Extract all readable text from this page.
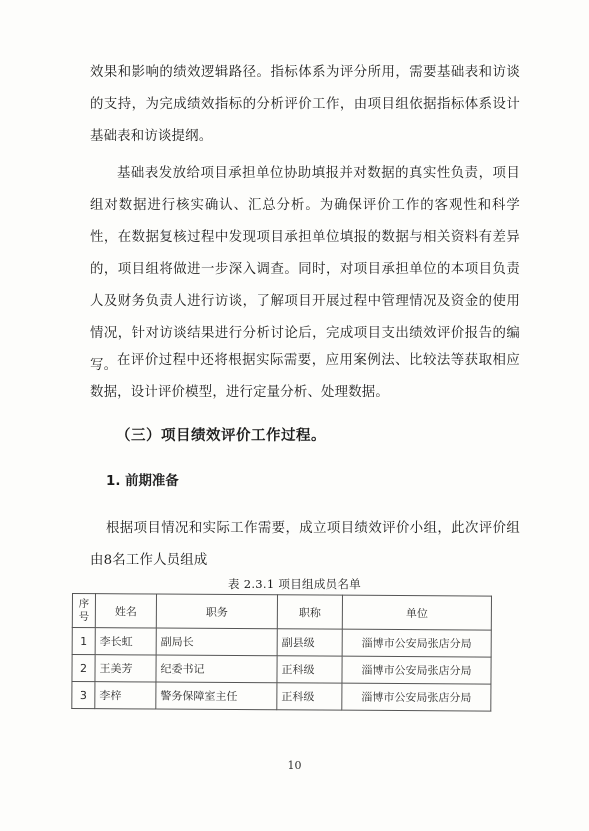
效果和影响的绩效逻辑路径。指标体系为评分所用，需要基础表和访谈的支持，为完成绩效指标的分析评价工作，由项目组依据指标体系设计基础表和访谈提纲。

基础表发放给项目承担单位协助填报并对数据的真实性负责，项目组对数据进行核实确认、汇总分析。为确保评价工作的客观性和科学性，在数据复核过程中发现项目承担单位填报的数据与相关资料有差异的，项目组将做进一步深入调查。同时，对项目承担单位的本项目负责人及财务负责人进行访谈，了解项目开展过程中管理情况及资金的使用情况，针对访谈结果进行分析讨论后，完成项目支出绩效评价报告的编写。 在评价过程中还将根据实际需要，应用案例法、比较法等获取相应数据，设计评价模型，进行定量分析、处理数据。

（三）项目绩效评价工作过程。
1. 前期准备

根据项目情况和实际工作需要，成立项目绩效评价小组，此次评价组由8名工作人员组成

表 2.3.1 项目组成员名单

序号	姓名	职务	职称	单位
1	李长虹	副局长	副县级	淄博市公安局张店分局
2	王美芳	纪委书记	正科级	淄博市公安局张店分局
3	李梓	警务保障室主任	正科级	淄博市公安局张店分局

10
